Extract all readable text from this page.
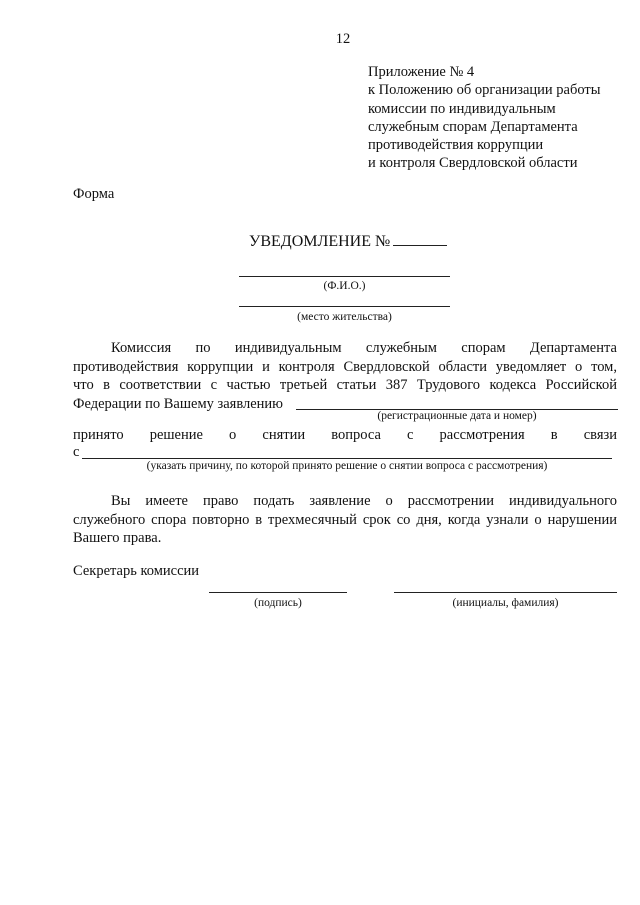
12
Приложение № 4
к Положению об организации работы
комиссии по индивидуальным
служебным спорам Департамента
противодействия коррупции
и контроля Свердловской области
Форма
УВЕДОМЛЕНИЕ №
(Ф.И.О.)
(место жительства)
Комиссия по индивидуальным служебным спорам Департамента
противодействия коррупции и контроля Свердловской области уведомляет о том,
что в соответствии с частью третьей статьи 387 Трудового кодекса Российской
Федерации по Вашему заявлению
(регистрационные дата и номер)
принято решение о снятии вопроса с рассмотрения в связи
с
(указать причину, по которой принято решение о снятии вопроса с рассмотрения)
Вы имеете право подать заявление о рассмотрении индивидуального
служебного спора повторно в трехмесячный срок со дня, когда узнали о нарушении
Вашего права.
Секретарь комиссии
(подпись)	(инициалы, фамилия)
